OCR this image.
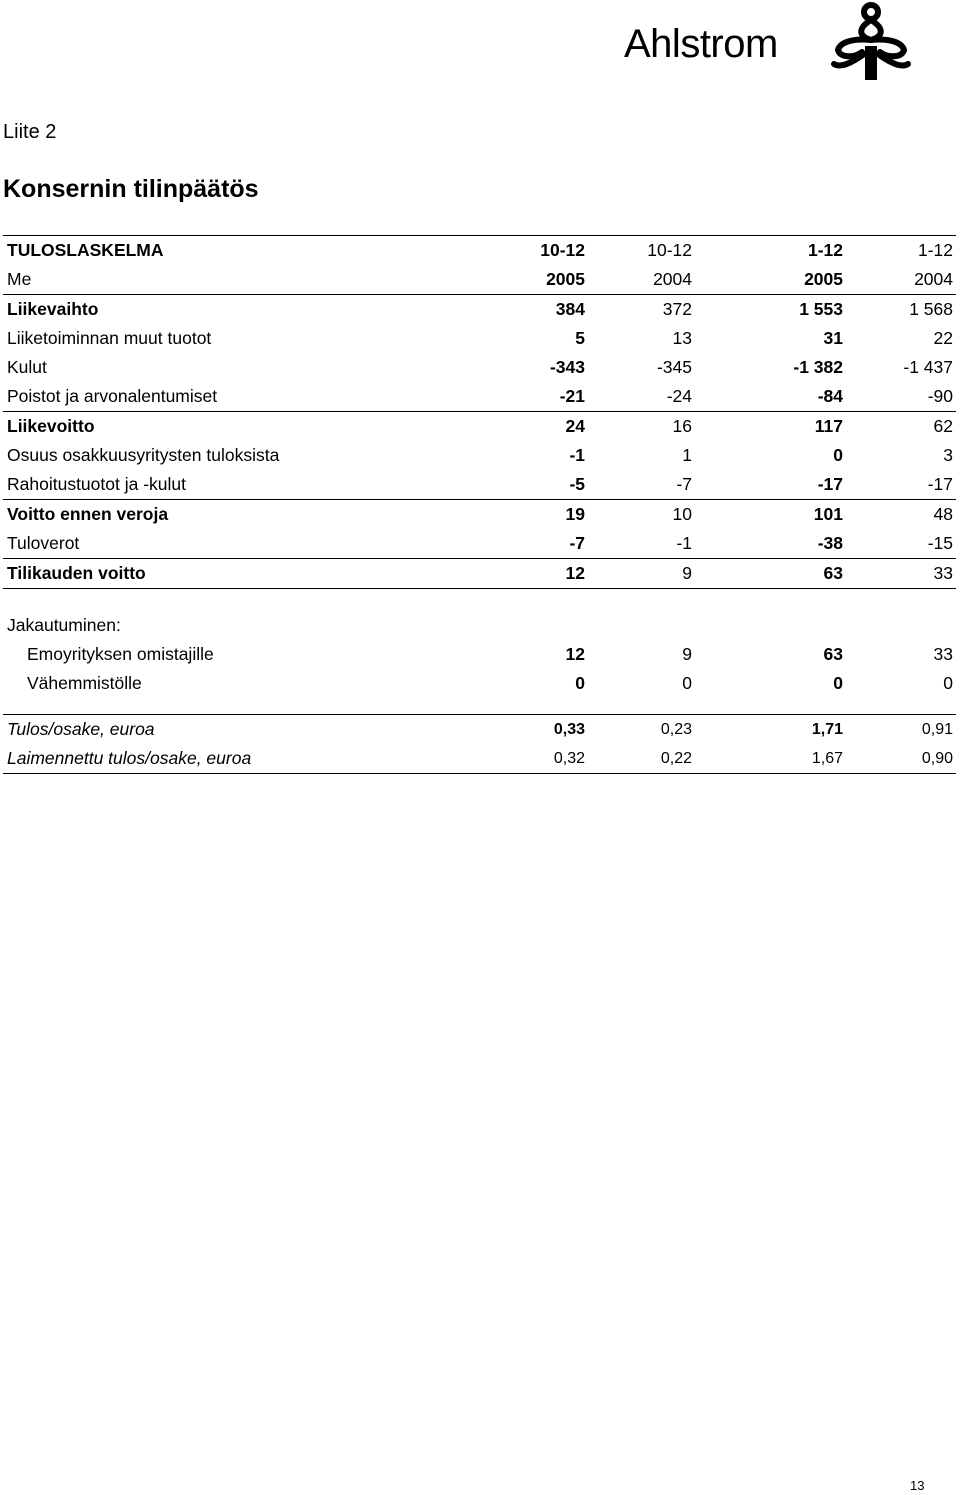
Ahlstrom
Liite 2
Konsernin tilinpäätös
TULOSLASKELMA	10-12	10-12	1-12	1-12
Me	2005	2004	2005	2004
Liikevaihto	384	372	1 553	1 568
Liiketoiminnan muut tuotot	5	13	31	22
Kulut	-343	-345	-1 382	-1 437
Poistot ja arvonalentumiset	-21	-24	-84	-90
Liikevoitto	24	16	117	62
Osuus osakkuusyritysten tuloksista	-1	1	0	3
Rahoitustuotot ja -kulut	-5	-7	-17	-17
Voitto ennen veroja	19	10	101	48
Tuloverot	-7	-1	-38	-15
Tilikauden voitto	12	9	63	33

Jakautuminen:				
Emoyrityksen omistajille	12	9	63	33
Vähemmistölle	0	0	0	0

Tulos/osake, euroa	0,33	0,23	1,71	0,91
Laimennettu tulos/osake, euroa	0,32	0,22	1,67	0,90
13
